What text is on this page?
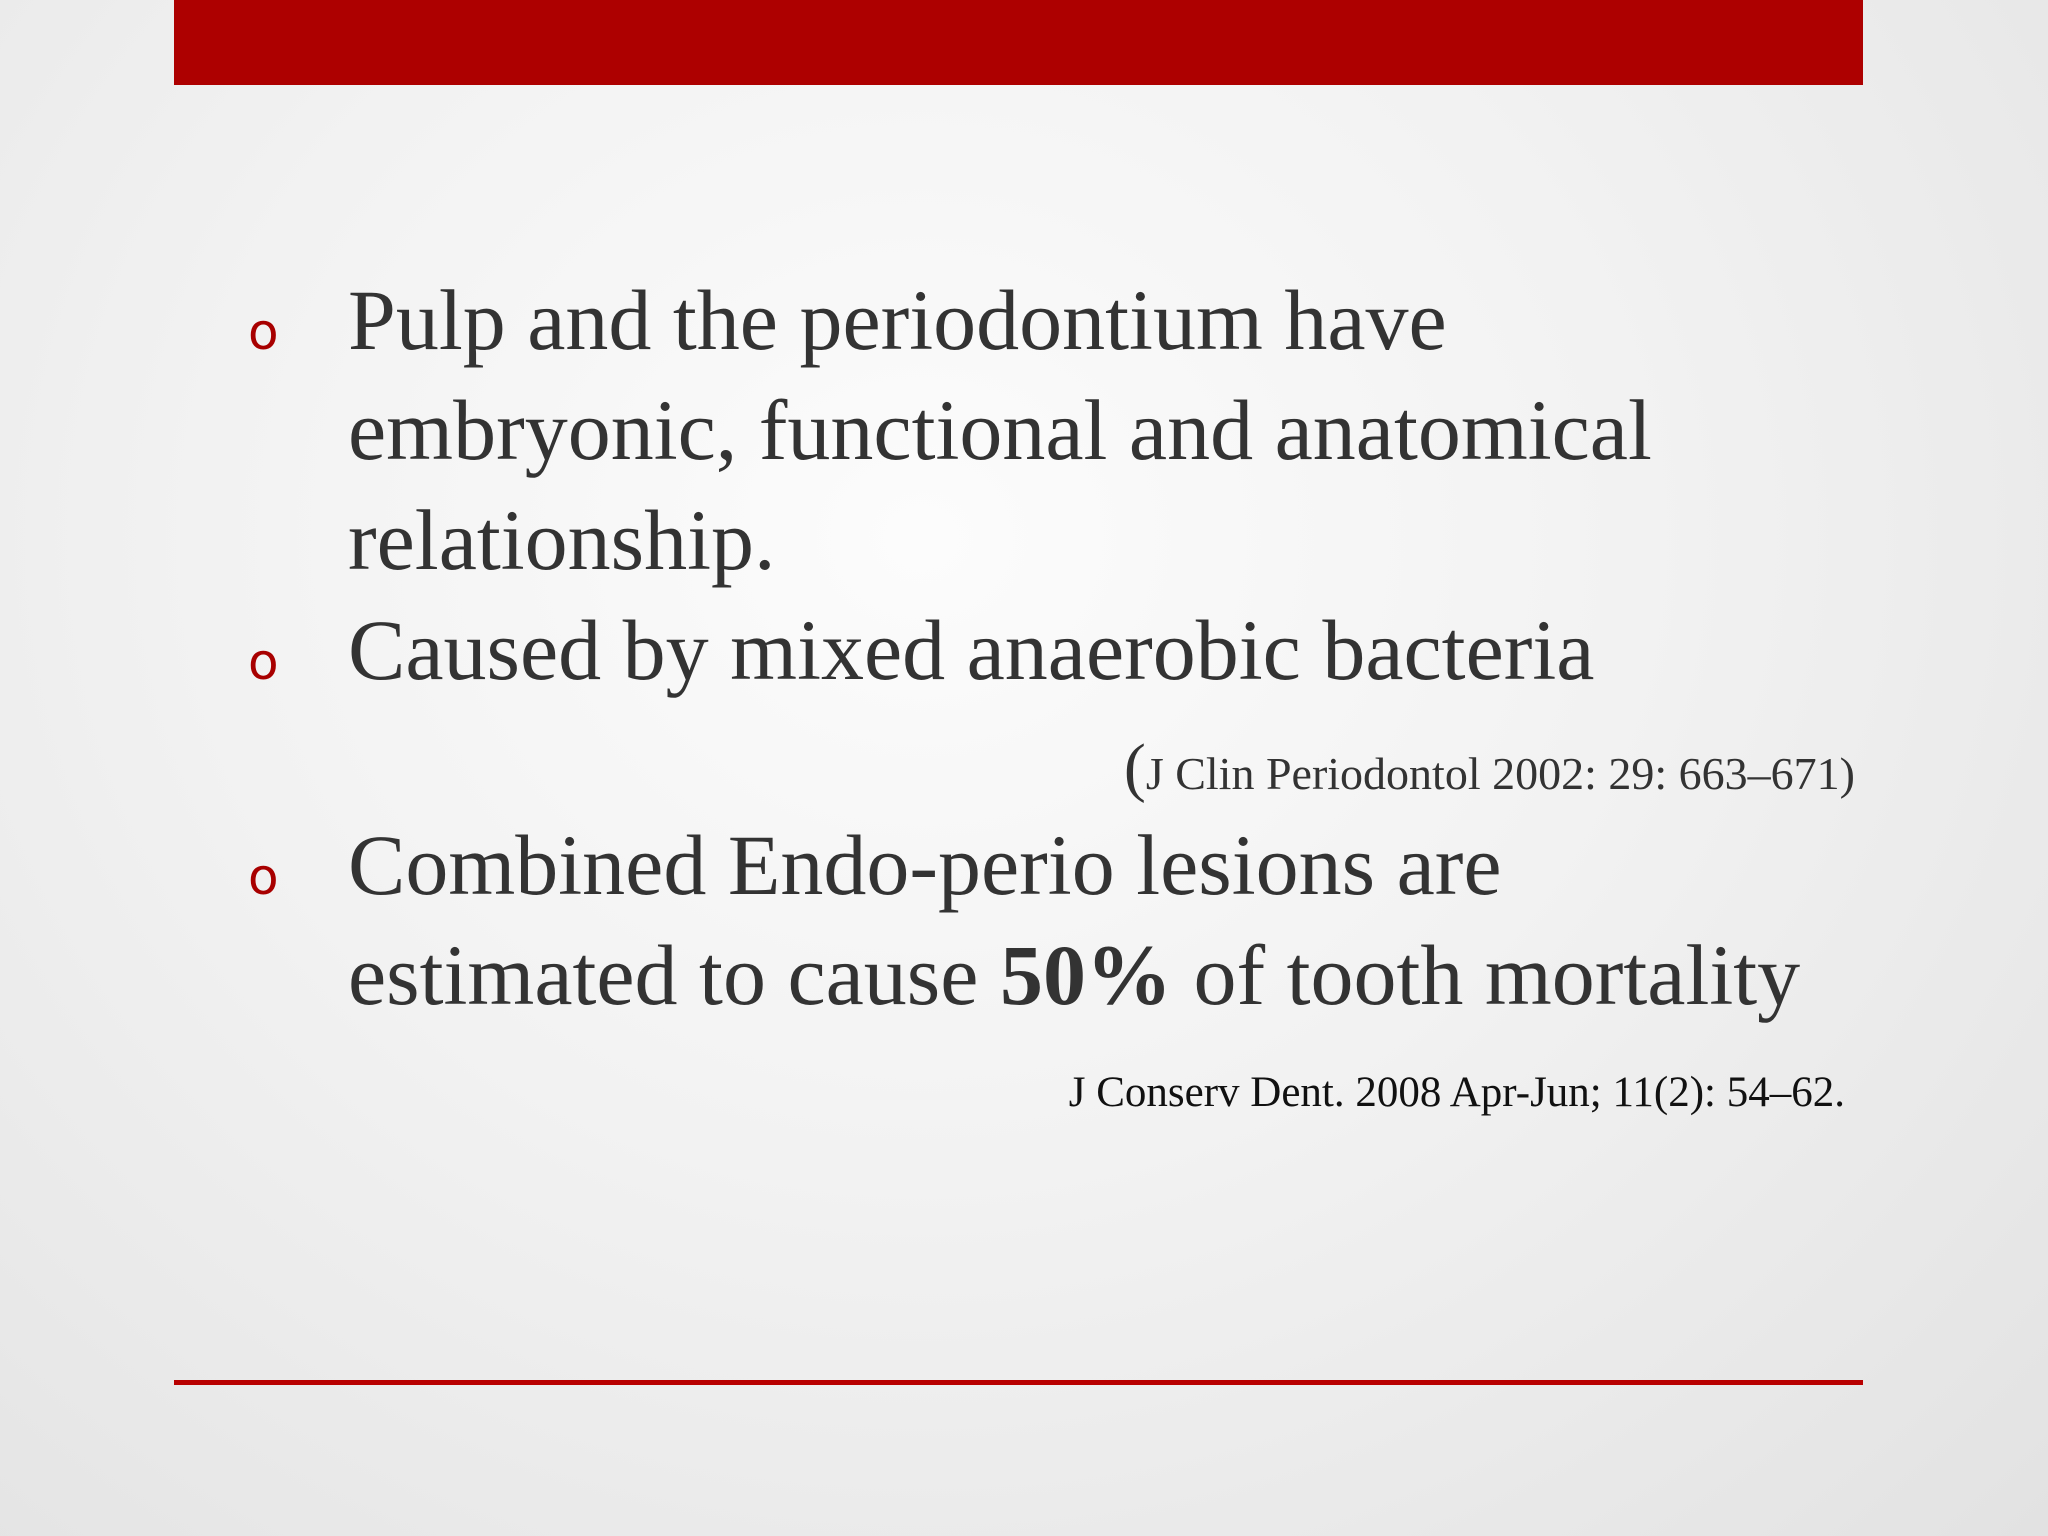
o Pulp and the periodontium have embryonic, functional and anatomical relationship.

o Caused by mixed anaerobic bacteria

(J Clin Periodontol 2002: 29: 663–671)
o Combined Endo-perio lesions are estimated to cause 50% of tooth mortality

J Conserv Dent. 2008 Apr-Jun; 11(2): 54–62.
